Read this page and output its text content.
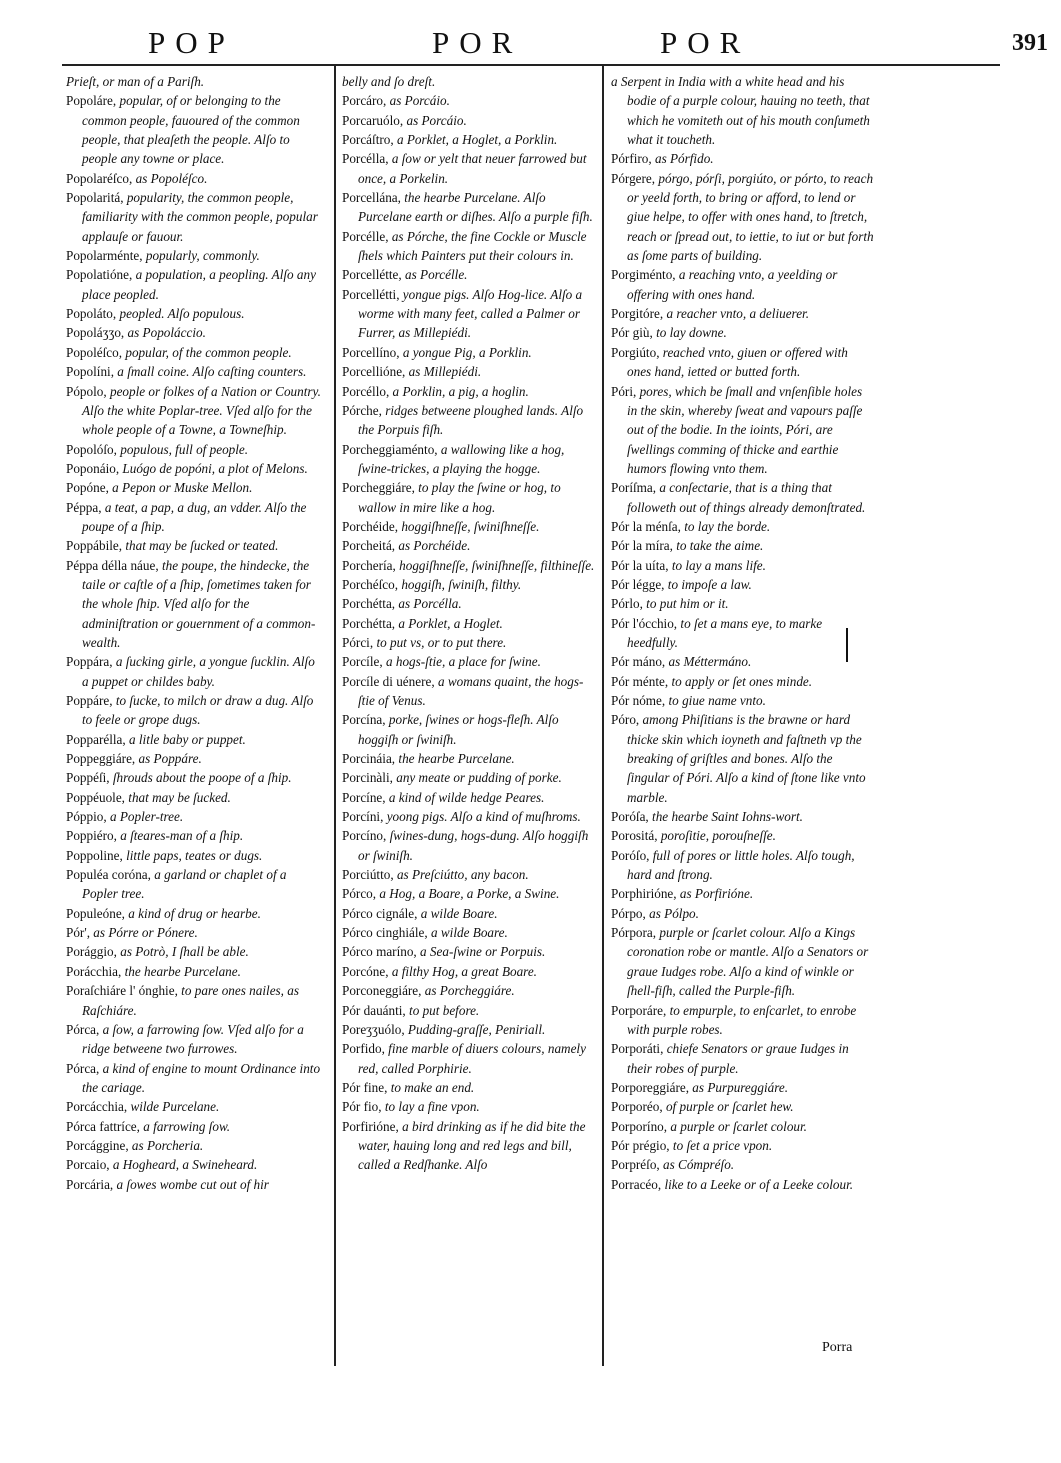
POP	POR	POR	391
Prieſt, or man of a Pariſh.
Popoláre, popular, of or belonging to the common people, fauoured of the common people, that pleaſeth the people. Alſo to people any towne or place.
Popolaréſco, as Popoléſco.
Popolaritá, popularity, the common people, familiarity with the common people, popular applauſe or fauour.
Popolarménte, popularly, commonly.
Popolatióne, a population, a peopling. Alſo any place peopled.
Popoláto, peopled. Alſo populous.
Popoláʒʒo, as Popoláccio.
Popoléſco, popular, of the common people.
Popolíni, a ſmall coine. Alſo caſting counters.
Pópolo, people or folkes of a Nation or Country. Alſo the white Poplar-tree. Vſed alſo for the whole people of a Towne, a Towneſhip.
Popolóſo, populous, full of people.
Poponáio, Luógo de popóni, a plot of Melons.
Popóne, a Pepon or Muske Mellon.
Péppa, a teat, a pap, a dug, an vdder. Alſo the poupe of a ſhip.
Poppábile, that may be ſucked or teated.
Péppa délla náue, the poupe, the hindecke, the taile or caſtle of a ſhip, ſometimes taken for the whole ſhip. Vſed alſo for the adminiſtration or gouernment of a common-wealth.
Poppára, a ſucking girle, a yongue ſucklin. Alſo a puppet or childes baby.
Poppáre, to ſucke, to milch or draw a dug. Alſo to feele or grope dugs.
Popparélla, a litle baby or puppet.
Poppeggiáre, as Poppáre.
Poppéſi, ſhrouds about the poope of a ſhip.
Poppéuole, that may be ſucked.
Póppio, a Popler-tree.
Poppiéro, a ſteares-man of a ſhip.
Poppoline, little paps, teates or dugs.
Populéa coróna, a garland or chaplet of a Popler tree.
Populeóne, a kind of drug or hearbe.
Pór', as Pórre or Pónere.
Porággio, as Potrò, I ſhall be able.
Porácchia, the hearbe Purcelane.
Poraſchiáre l' ónghie, to pare ones nailes, as Raſchiáre.
Pórca, a ſow, a farrowing ſow. Vſed alſo for a ridge betweene two furrowes.
Pórca, a kind of engine to mount Ordinance into the cariage.
Porcácchia, wilde Purcelane.
Pórca fattríce, a farrowing ſow.
Porcággine, as Porcheria.
Porcaio, a Hogheard, a Swineheard.
Porcária, a ſowes wombe cut out of hir
belly and ſo dreſt.
Porcáro, as Porcáio.
Porcaruólo, as Porcáio.
Porcáſtro, a Porklet, a Hoglet, a Porklin.
Porcélla, a ſow or yelt that neuer farrowed but once, a Porkelin.
Porcellána, the hearbe Purcelane. Alſo Purcelane earth or diſhes. Alſo a purple fiſh.
Porcélle, as Pórche, the fine Cockle or Muscle ſhels which Painters put their colours in.
Porcellétte, as Porcélle.
Porcellétti, yongue pigs. Alſo Hog-lice. Alſo a worme with many feet, called a Palmer or Furrer, as Millepiédi.
Porcellíno, a yongue Pig, a Porklin.
Porcellióne, as Millepiédi.
Porcéllo, a Porklin, a pig, a hoglin.
Pórche, ridges betweene ploughed lands. Alſo the Porpuis fiſh.
Porcheggiaménto, a wallowing like a hog, ſwine-trickes, a playing the hogge.
Porcheggiáre, to play the ſwine or hog, to wallow in mire like a hog.
Porchéide, hoggiſhneſſe, ſwiniſhneſſe.
Porcheitá, as Porchéide.
Porchería, hoggiſhneſſe, ſwiniſhneſſe, filthineſſe.
Porchéſco, hoggiſh, ſwiniſh, filthy.
Porchétta, as Porcélla.
Porchétta, a Porklet, a Hoglet.
Pórci, to put vs, or to put there.
Porcíle, a hogs-ſtie, a place for ſwine.
Porcíle di uénere, a womans quaint, the hogs-ſtie of Venus.
Porcína, porke, ſwines or hogs-fleſh. Alſo hoggiſh or ſwiniſh.
Porcináia, the hearbe Purcelane.
Porcinàli, any meate or pudding of porke.
Porcíne, a kind of wilde hedge Peares.
Porcíni, yoong pigs. Alſo a kind of muſhroms.
Porcíno, ſwines-dung, hogs-dung. Alſo hoggiſh or ſwiniſh.
Porciútto, as Preſciútto, any bacon.
Pórco, a Hog, a Boare, a Porke, a Swine.
Pórco cignále, a wilde Boare.
Pórco cinghiále, a wilde Boare.
Pórco maríno, a Sea-ſwine or Porpuis.
Porcóne, a filthy Hog, a great Boare.
Porconeggiáre, as Porcheggiáre.
Pór dauánti, to put before.
Poreʒʒuólo, Pudding-graſſe, Peniriall.
Porfido, fine marble of diuers colours, namely red, called Porphirie.
Pór fine, to make an end.
Pór fio, to lay a fine vpon.
Porfirióne, a bird drinking as if he did bite the water, hauing long and red legs and bill, called a Redſhanke. Alſo
a Serpent in India with a white head and his bodie of a purple colour, hauing no teeth, that which he vomiteth out of his mouth conſumeth what it toucheth.
Pórfiro, as Pórfido.
Pórgere, pórgo, pórſi, porgiúto, or pórto, to reach or yeeld forth, to bring or afford, to lend or giue helpe, to offer with ones hand, to ſtretch, reach or ſpread out, to iettie, to iut or but forth as ſome parts of building.
Porgiménto, a reaching vnto, a yeelding or offering with ones hand.
Porgitóre, a reacher vnto, a deliuerer.
Pór giù, to lay downe.
Porgiúto, reached vnto, giuen or offered with ones hand, ietted or butted forth.
Póri, pores, which be ſmall and vnſenſible holes in the skin, whereby ſweat and vapours paſſe out of the bodie. In the ioints, Póri, are ſwellings comming of thicke and earthie humors flowing vnto them.
Poríſma, a conſectarie, that is a thing that followeth out of things already demonſtrated.
Pór la ménſa, to lay the borde.
Pór la míra, to take the aime.
Pór la uíta, to lay a mans life.
Pór légge, to impoſe a law.
Pórlo, to put him or it.
Pór l'ócchio, to ſet a mans eye, to marke heedfully.
Pór máno, as Méttermáno.
Pór ménte, to apply or ſet ones minde.
Pór nóme, to giue name vnto.
Póro, among Phiſitians is the brawne or hard thicke skin which ioyneth and faſtneth vp the breaking of griſtles and bones. Alſo the ſingular of Póri. Alſo a kind of ſtone like vnto marble.
Poróſa, the hearbe Saint Iohns-wort.
Porositá, poroſitie, porouſneſſe.
Poróſo, full of pores or little holes. Alſo tough, hard and ſtrong.
Porphirióne, as Porfirióne.
Pórpo, as Pólpo.
Pórpora, purple or ſcarlet colour. Alſo a Kings coronation robe or mantle. Alſo a Senators or graue Iudges robe. Alſo a kind of winkle or ſhell-fiſh, called the Purple-fiſh.
Porporáre, to empurple, to enſcarlet, to enrobe with purple robes.
Porporáti, chiefe Senators or graue Iudges in their robes of purple.
Porporeggiáre, as Purpureggiáre.
Porporéo, of purple or ſcarlet hew.
Porporíno, a purple or ſcarlet colour.
Pór prégio, to ſet a price vpon.
Porpréſo, as Cómpréſo.
Porracéo, like to a Leeke or of a Leeke colour.
Porra
